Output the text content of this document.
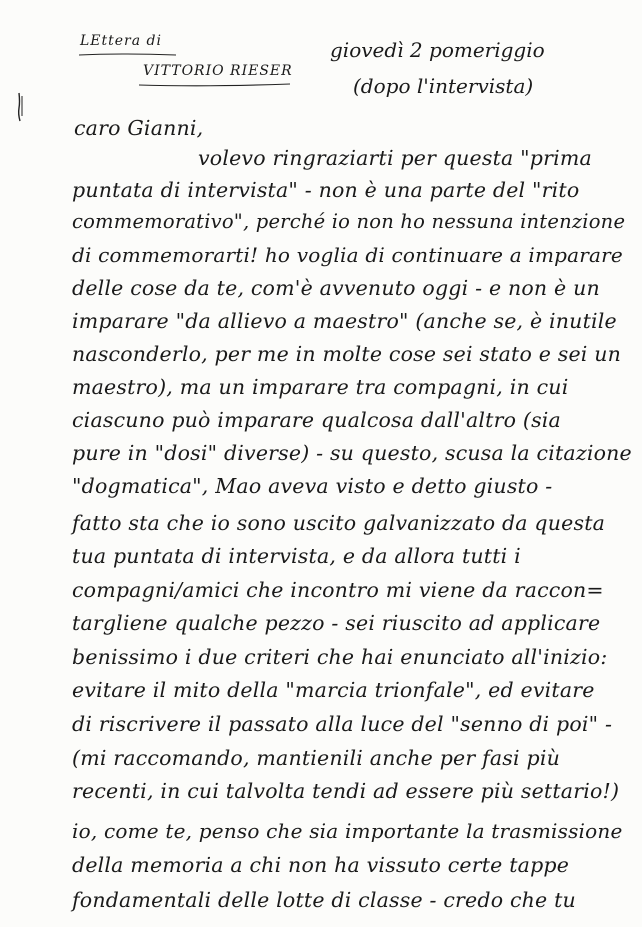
LEttera di
VITTORIO RIESER
giovedì 2 pomeriggio
(dopo l'intervista)
caro Gianni,
volevo ringraziarti per questa "prima
puntata di intervista" - non è una parte del "rito
commemorativo", perché io non ho nessuna intenzione
di commemorarti! ho voglia di continuare a imparare
delle cose da te, com'è avvenuto oggi - e non è un
imparare "da allievo a maestro" (anche se, è inutile
nasconderlo, per me in molte cose sei stato e sei un
maestro), ma un imparare tra compagni, in cui
ciascuno può imparare qualcosa dall'altro (sia
pure in "dosi" diverse) - su questo, scusa la citazione
"dogmatica", Mao aveva visto e detto giusto -
fatto sta che io sono uscito galvanizzato da questa
tua puntata di intervista, e da allora tutti i
compagni/amici che incontro mi viene da raccon=
targliene qualche pezzo - sei riuscito ad applicare
benissimo i due criteri che hai enunciato all'inizio:
evitare il mito della "marcia trionfale", ed evitare
di riscrivere il passato alla luce del "senno di poi" -
(mi raccomando, mantienili anche per fasi più
recenti, in cui talvolta tendi ad essere più settario!)
io, come te, penso che sia importante la trasmissione
della memoria a chi non ha vissuto certe tappe
fondamentali delle lotte di classe - credo che tu
